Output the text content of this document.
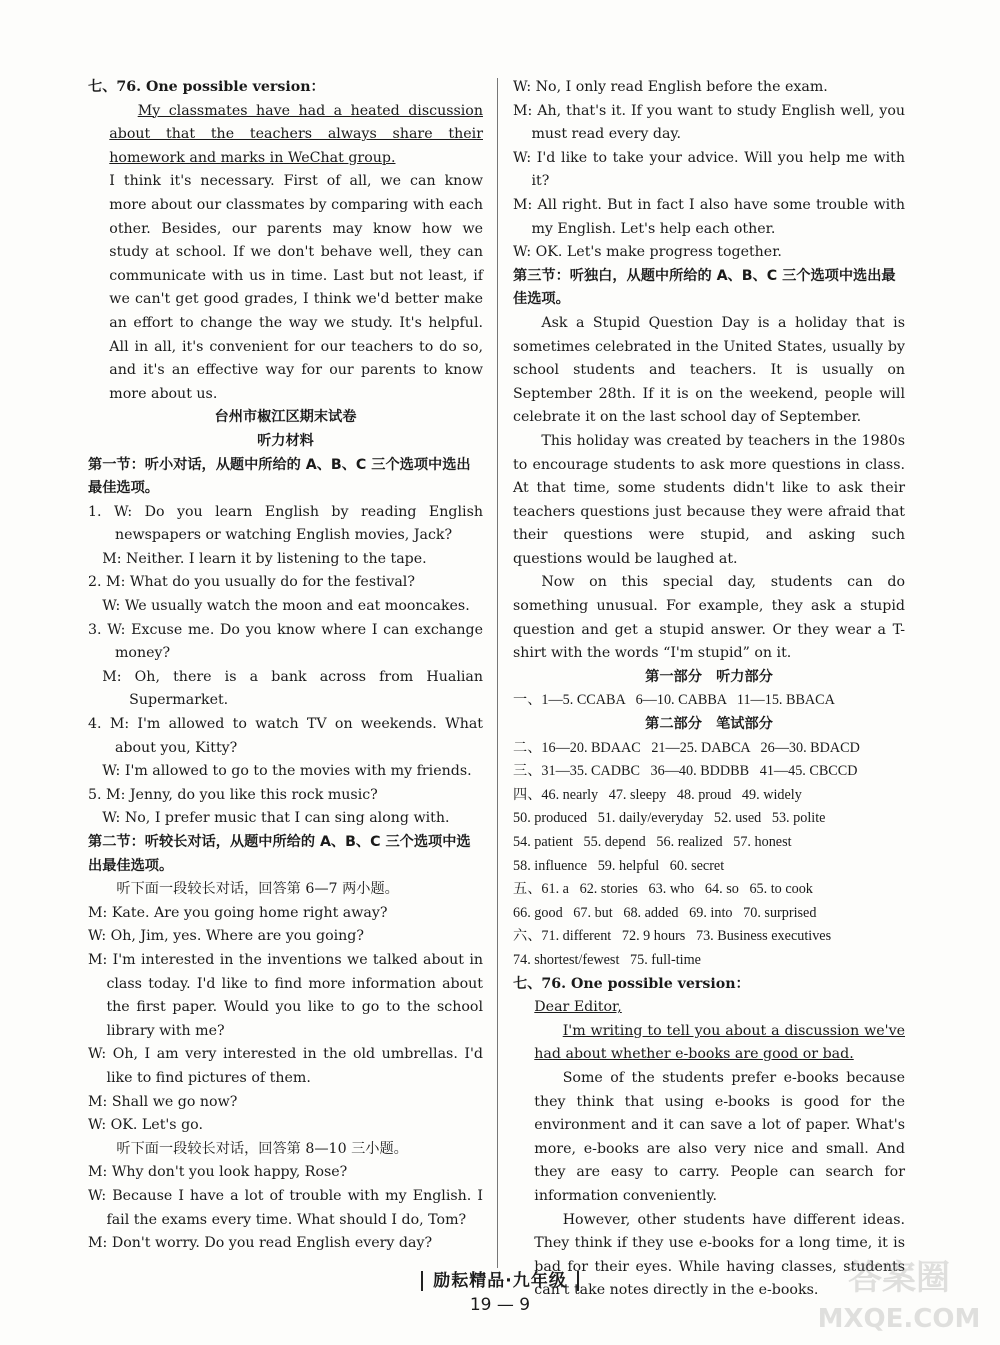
七、76. One possible version：

My classmates have had a heated discussion about that the teachers always share their homework and marks in WeChat group.

I think it's necessary. First of all, we can know more about our classmates by comparing with each other. Besides, our parents may know how we study at school. If we don't behave well, they can communicate with us in time. Last but not least, if we can't get good grades, I think we'd better make an effort to change the way we study. It's helpful. All in all, it's convenient for our teachers to do so, and it's an effective way for our parents to know more about us.

台州市椒江区期末试卷

听力材料

第一节：听小对话，从题中所给的 A、B、C 三个选项中选出最佳选项。

1. W: Do you learn English by reading English newspapers or watching English movies, Jack?

M: Neither. I learn it by listening to the tape.

2. M: What do you usually do for the festival?

W: We usually watch the moon and eat mooncakes.

3. W: Excuse me. Do you know where I can exchange money?

M: Oh, there is a bank across from Hualian Supermarket.

4. M: I'm allowed to watch TV on weekends. What about you, Kitty?

W: I'm allowed to go to the movies with my friends.

5. M: Jenny, do you like this rock music?

W: No, I prefer music that I can sing along with.

第二节：听较长对话，从题中所给的 A、B、C 三个选项中选出最佳选项。

听下面一段较长对话，回答第 6—7 两小题。

M: Kate. Are you going home right away?

W: Oh, Jim, yes. Where are you going?

M: I'm interested in the inventions we talked about in class today. I'd like to find more information about the first paper. Would you like to go to the school library with me?

W: Oh, I am very interested in the old umbrellas. I'd like to find pictures of them.

M: Shall we go now?

W: OK. Let's go.

听下面一段较长对话，回答第 8—10 三小题。

M: Why don't you look happy, Rose?

W: Because I have a lot of trouble with my English. I fail the exams every time. What should I do, Tom?

M: Don't worry. Do you read English every day?

W: No, I only read English before the exam.

M: Ah, that's it. If you want to study English well, you must read every day.

W: I'd like to take your advice. Will you help me with it?

M: All right. But in fact I also have some trouble with my English. Let's help each other.

W: OK. Let's make progress together.

第三节：听独白，从题中所给的 A、B、C 三个选项中选出最佳选项。

Ask a Stupid Question Day is a holiday that is sometimes celebrated in the United States, usually by school students and teachers. It is usually on September 28th. If it is on the weekend, people will celebrate it on the last school day of September.

This holiday was created by teachers in the 1980s to encourage students to ask more questions in class. At that time, some students didn't like to ask their teachers questions just because they were afraid that their questions were stupid, and asking such questions would be laughed at.

Now on this special day, students can do something unusual. For example, they ask a stupid question and get a stupid answer. Or they wear a T-shirt with the words “I'm stupid” on it.

第一部分　听力部分

一、1—5. CCABA   6—10. CABBA   11—15. BBACA

第二部分　笔试部分

二、16—20. BDAAC   21—25. DABCA   26—30. BDACD

三、31—35. CADBC   36—40. BDDBB   41—45. CBCCD

四、46. nearly   47. sleepy   48. proud   49. widely

50. produced   51. daily/everyday   52. used   53. polite

54. patient   55. depend   56. realized   57. honest

58. influence   59. helpful   60. secret

五、61. a   62. stories   63. who   64. so   65. to cook

66. good   67. but   68. added   69. into   70. surprised

六、71. different   72. 9 hours   73. Business executives

74. shortest/fewest   75. full-time

七、76. One possible version：

Dear Editor,

I'm writing to tell you about a discussion we've had about whether e-books are good or bad.

Some of the students prefer e-books because they think that using e-books is good for the environment and it can save a lot of paper. What's more, e-books are also very nice and small. And they are easy to carry. People can search for information conveniently.

However, other students have different ideas. They think if they use e-books for a long time, it is bad for their eyes. While having classes, students can't take notes directly in the e-books.

励耘精品·九年级
19 — 9
答案圈
MXQE.COM
